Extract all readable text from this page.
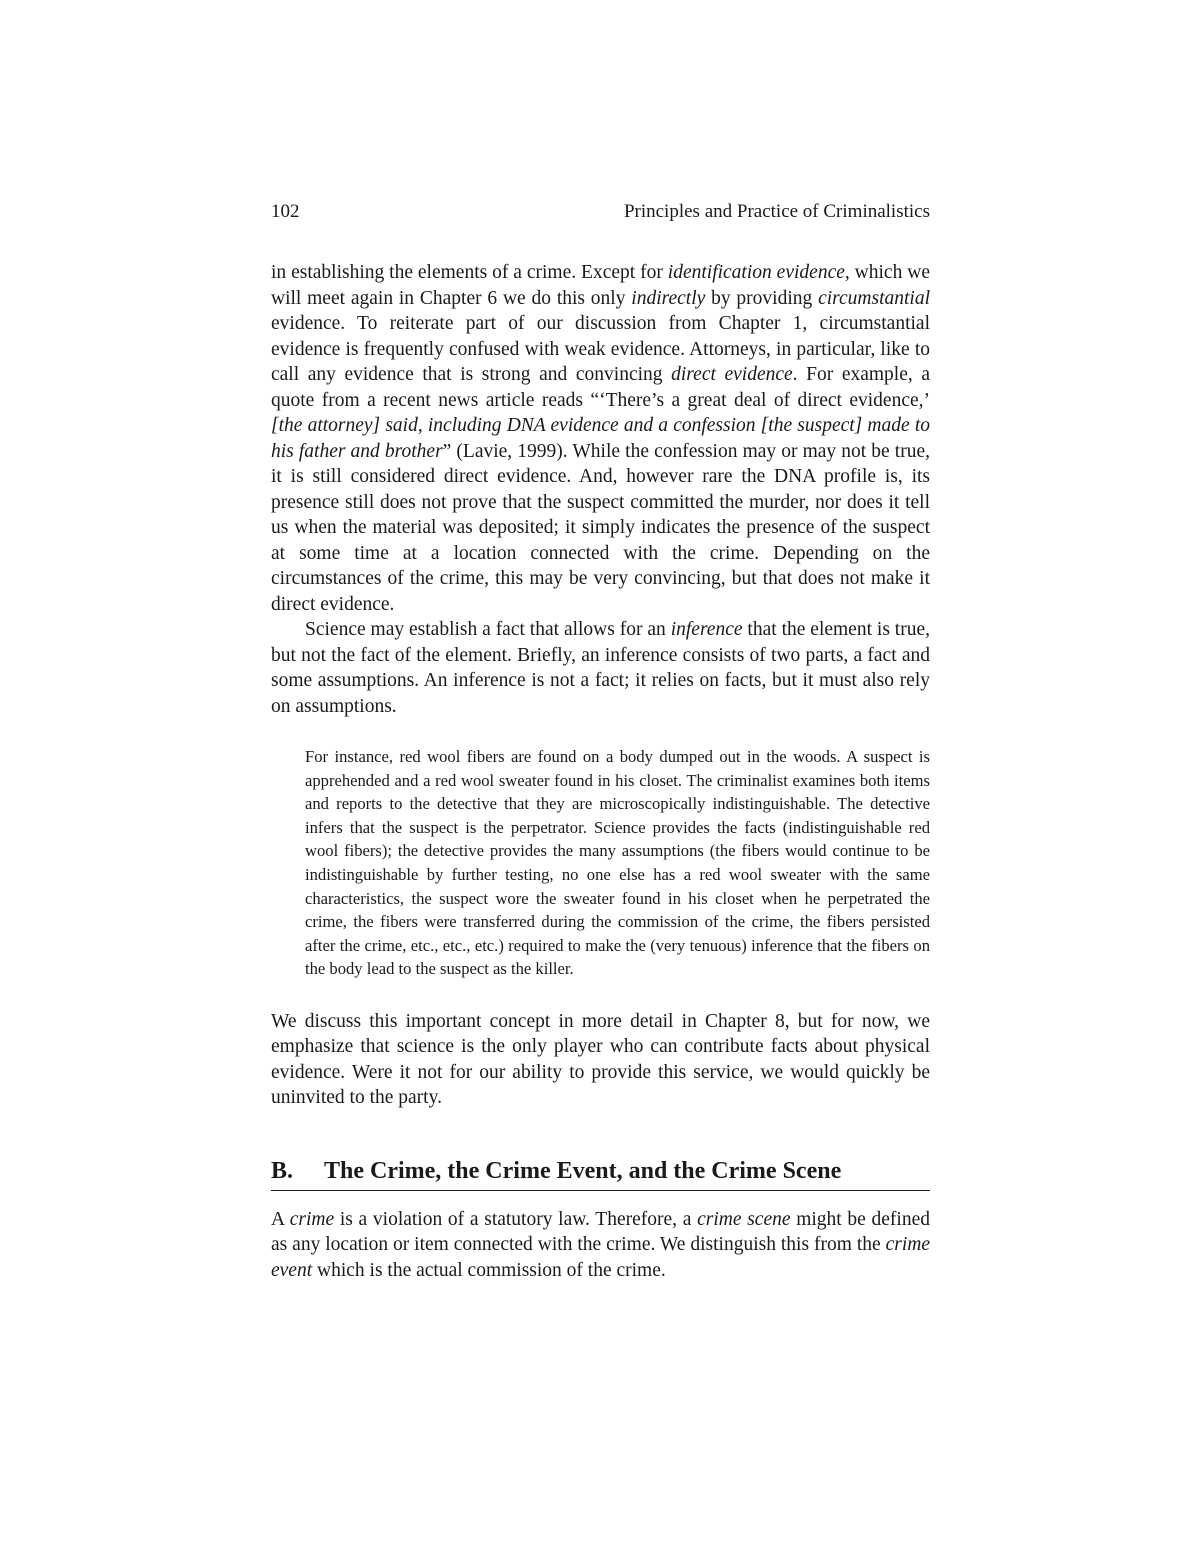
102	Principles and Practice of Criminalistics

in establishing the elements of a crime. Except for identification evidence, which we will meet again in Chapter 6 we do this only indirectly by providing circumstantial evidence. To reiterate part of our discussion from Chapter 1, circumstantial evidence is frequently confused with weak evidence. Attorneys, in particular, like to call any evidence that is strong and convincing direct evidence. For example, a quote from a recent news article reads “‘There’s a great deal of direct evidence,’ [the attorney] said, including DNA evidence and a confession [the suspect] made to his father and brother” (Lavie, 1999). While the confession may or may not be true, it is still considered direct evidence. And, however rare the DNA profile is, its presence still does not prove that the suspect committed the murder, nor does it tell us when the material was deposited; it simply indicates the presence of the suspect at some time at a location connected with the crime. Depending on the circumstances of the crime, this may be very convincing, but that does not make it direct evidence.

Science may establish a fact that allows for an inference that the element is true, but not the fact of the element. Briefly, an inference consists of two parts, a fact and some assumptions. An inference is not a fact; it relies on facts, but it must also rely on assumptions.

For instance, red wool fibers are found on a body dumped out in the woods. A suspect is apprehended and a red wool sweater found in his closet. The criminalist examines both items and reports to the detective that they are microscopically indistinguishable. The detective infers that the suspect is the perpetrator. Science provides the facts (indistinguishable red wool fibers); the detective provides the many assumptions (the fibers would continue to be indistinguishable by further testing, no one else has a red wool sweater with the same characteristics, the suspect wore the sweater found in his closet when he perpetrated the crime, the fibers were transferred during the commission of the crime, the fibers persisted after the crime, etc., etc., etc.) required to make the (very tenuous) inference that the fibers on the body lead to the suspect as the killer.

We discuss this important concept in more detail in Chapter 8, but for now, we emphasize that science is the only player who can contribute facts about physical evidence. Were it not for our ability to provide this service, we would quickly be uninvited to the party.

B.	The Crime, the Crime Event, and the Crime Scene

A crime is a violation of a statutory law. Therefore, a crime scene might be defined as any location or item connected with the crime. We distinguish this from the crime event which is the actual commission of the crime.
